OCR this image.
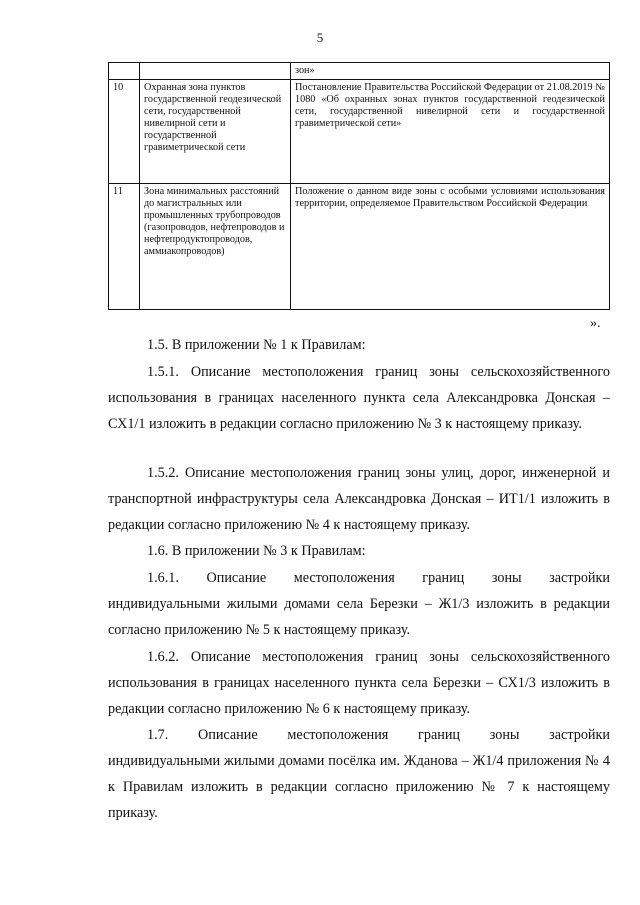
5
		зон»
10	Охранная зона пунктов государственной геодезической сети, государственной нивелирной сети и государственной гравиметрической сети	Постановление Правительства Российской Федерации от 21.08.2019 № 1080 «Об охранных зонах пунктов государственной геодезической сети, государственной нивелирной сети и государственной гравиметрической сети»
11	Зона минимальных расстояний до магистральных или промышленных трубопроводов (газопроводов, нефтепроводов и нефтепродуктопроводов, аммиакопроводов)	Положение о данном виде зоны с особыми условиями использования территории, определяемое Правительством Российской Федерации
».
1.5. В приложении № 1 к Правилам:
1.5.1. Описание местоположения границ зоны сельскохозяйственного использования в границах населенного пункта села Александровка Донская – СХ1/1 изложить в редакции согласно приложению № 3 к настоящему приказу.
1.5.2. Описание местоположения границ зоны улиц, дорог, инженерной и транспортной инфраструктуры села Александровка Донская – ИТ1/1 изложить в редакции согласно приложению № 4 к настоящему приказу.
1.6. В приложении № 3 к Правилам:
1.6.1. Описание местоположения границ зоны застройки
индивидуальными жилыми домами села Березки – Ж1/3 изложить в редакции согласно приложению № 5 к настоящему приказу.
1.6.2. Описание местоположения границ зоны сельскохозяйственного использования в границах населенного пункта села Березки – СХ1/3 изложить в редакции согласно приложению № 6 к настоящему приказу.
1.7. Описание местоположения границ зоны застройки
индивидуальными жилыми домами посёлка им. Жданова – Ж1/4 приложения № 4 к Правилам изложить в редакции согласно приложению № 7 к настоящему приказу.
